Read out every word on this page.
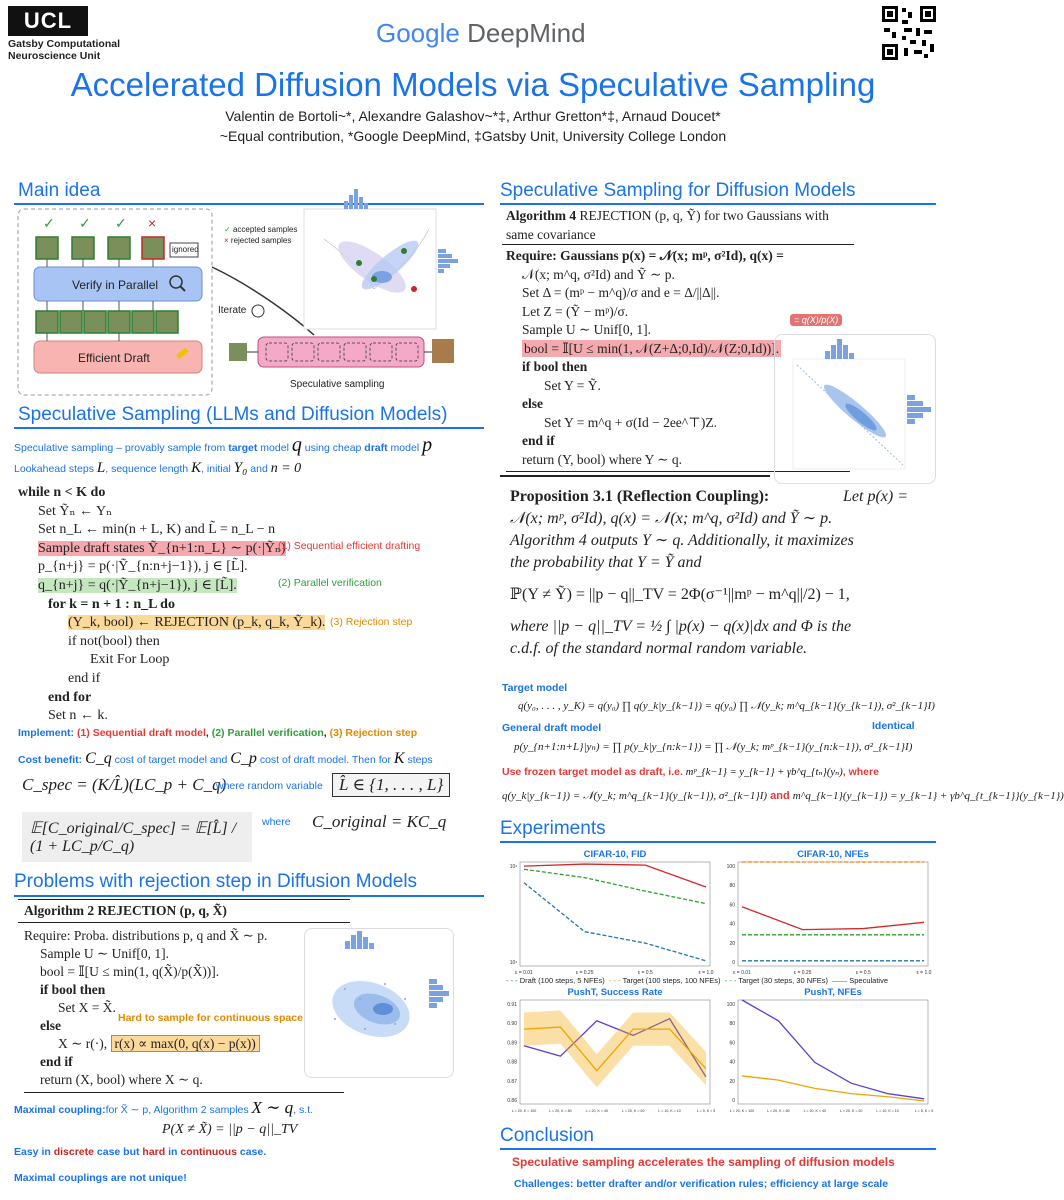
UCL
Gatsby Computational
Neuroscience Unit
Google DeepMind
Accelerated Diffusion Models via Speculative Sampling
Valentin de Bortoli~*, Alexandre Galashov~*‡, Arthur Gretton*‡, Arnaud Doucet*
~Equal contribution, *Google DeepMind, ‡Gatsby Unit, University College London
Main idea
✓ ✓ ✓ ×
ignored
Verify in Parallel
Efficient Draft
Iterate
✓ accepted samples
× rejected samples
Speculative sampling
Speculative Sampling (LLMs and Diffusion Models)
Speculative sampling – provably sample from target model q using cheap draft model p
Lookahead steps L, sequence length K, initial Y₀ and n = 0
while n < K do
Set Ỹₙ ← Yₙ
Set n_L ← min(n + L, K) and L̃ = n_L − n
Sample draft states Ỹ_{n+1:n_L} ∼ p(·|Ỹₙ)
p_{n+j} = p(·|Ỹ_{n:n+j−1}), j ∈ [L̃].
q_{n+j} = q(·|Ỹ_{n+j−1}), j ∈ [L̃].
for k = n + 1 : n_L do
(Y_k, bool) ← REJECTION (p_k, q_k, Ỹ_k).
if not(bool) then
Exit For Loop
end if
end for
Set n ← k.
(1) Sequential efficient drafting
(2) Parallel verification
(3) Rejection step
Implement: (1) Sequential draft model, (2) Parallel verification, (3) Rejection step
Cost benefit: C_q cost of target model and C_p cost of draft model. Then for K steps
C_spec = (K/L̂)(LC_p + C_q)
where random variable L̂ ∈ {1, . . . , L}
𝔼[C_original/C_spec] = 𝔼[L̂] / (1 + LC_p/C_q)
where C_original = KC_q
Problems with rejection step in Diffusion Models
Algorithm 2 REJECTION (p, q, X̃)
Require: Proba. distributions p, q and X̃ ∼ p.
Sample U ∼ Unif[0, 1].
bool = 𝕀[U ≤ min(1, q(X̃)/p(X̃))].
if bool then
Set X = X̃.
else
X ∼ r(·), r(x) ∝ max(0, q(x) − p(x))
end if
return (X, bool) where X ∼ q.
Hard to sample for continuous space
Maximal coupling:for X̃ ∼ p, Algorithm 2 samples X ∼ q, s.t.
P(X ≠ X̃) = ||p − q||_TV
Easy in discrete case but hard in continuous case.
Maximal couplings are not unique!
Speculative Sampling for Diffusion Models
Algorithm 4 REJECTION (p, q, Ỹ) for two Gaussians with
same covariance
Require: Gaussians p(x) = 𝒩(x; mᵖ, σ²Id), q(x) =
𝒩(x; m^q, σ²Id) and Ỹ ∼ p.
Set Δ = (mᵖ − m^q)/σ and e = Δ/||Δ||.
Let Z = (Ỹ − mᵖ)/σ.
Sample U ∼ Unif[0, 1].
bool = 𝕀[U ≤ min(1, 𝒩(Z+Δ;0,Id)/𝒩(Z;0,Id))].
if bool then
Set Y = Ỹ.
else
Set Y = m^q + σ(Id − 2ee^⊤)Z.
end if
return (Y, bool) where Y ∼ q.
= q(X)/p(X)
Proposition 3.1 (Reflection Coupling):	Let p(x) =
𝒩(x; mᵖ, σ²Id), q(x) = 𝒩(x; m^q, σ²Id) and Ỹ ∼ p.
Algorithm 4 outputs Y ∼ q. Additionally, it maximizes
the probability that Y = Ỹ and
ℙ(Y ≠ Ỹ) = ||p − q||_TV = 2Φ(σ⁻¹||mᵖ − m^q||/2) − 1,
where ||p − q||_TV = ½ ∫ |p(x) − q(x)|dx and Φ is the
c.d.f. of the standard normal random variable.
Target model
q(y₀, . . . , y_K) = q(y₀) ∏ q(y_k|y_{k−1}) = q(y₀) ∏ 𝒩(y_k; m^q_{k−1}(y_{k−1}), σ²_{k−1}I)
Identical
General draft model
p(y_{n+1:n+L}|yₙ) = ∏ p(y_k|y_{n:k−1}) = ∏ 𝒩(y_k; mᵖ_{k−1}(y_{n:k−1}), σ²_{k−1}I)
Use frozen target model as draft, i.e. mᵖ_{k−1} = y_{k−1} + γb^q_{tₙ}(yₙ), where
q(y_k|y_{k−1}) = 𝒩(y_k; m^q_{k−1}(y_{k−1}), σ²_{k−1}I) and m^q_{k−1}(y_{k−1}) = y_{k−1} + γb^q_{t_{k−1}}(y_{k−1})
Experiments
CIFAR-10, FID
10¹
10¹
ε = 0.01	ε = 0.25	ε = 0.5	ε = 1.0
CIFAR-10, NFEs
100
80
60
40
20
0
ε = 0.01	ε = 0.25	ε = 0.5	ε = 1.0
PushT, Success Rate
0.91
0.90
0.89
0.88
0.87
0.86
L = 20, K = 100	L = 20, K = 80	L = 20, K = 40	L = 20, K = 20	L = 10, K = 10	L = 5, K = 5
PushT, NFEs
100
80
60
40
20
0
L = 20, K = 100	L = 20, K = 80	L = 20, K = 40	L = 20, K = 20	L = 10, K = 10	L = 5, K = 5
- - - Draft (100 steps, 5 NFEs) - - - Target (100 steps, 100 NFEs) - - - Target (30 steps, 30 NFEs) —— Speculative
Conclusion
Speculative sampling accelerates the sampling of diffusion models
Challenges: better drafter and/or verification rules; efficiency at large scale
